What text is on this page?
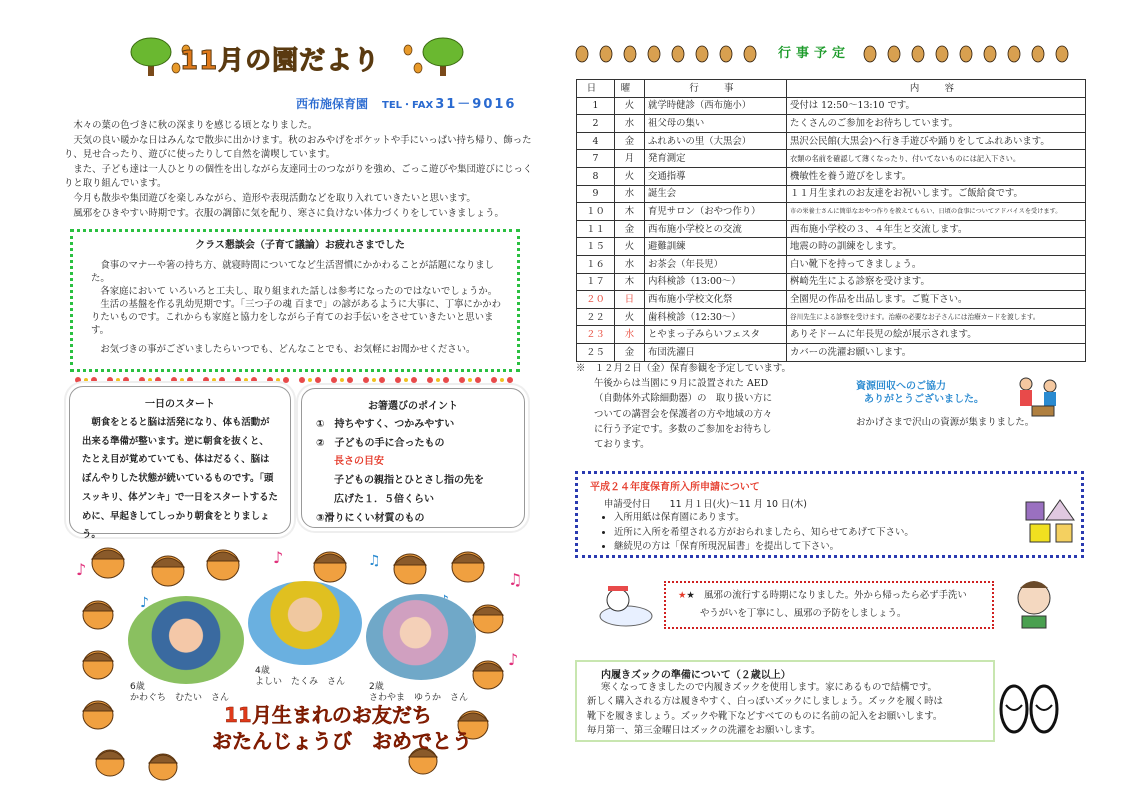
11月の園だより
西布施保育園 TEL・FAX 31－9016

木々の葉の色づきに秋の深まりを感じる頃となりました。

天気の良い暖かな日はみんなで散歩に出かけます。秋のおみやげをポケットや手にいっぱい持ち帰り、飾ったり、見せ合ったり、遊びに使ったりして自然を満喫しています。

また、子ども達は一人ひとりの個性を出しながら友達同士のつながりを強め、ごっこ遊びや集団遊びにじっくりと取り組んでいます。

今月も散歩や集団遊びを楽しみながら、造形や表現活動などを取り入れていきたいと思います。

風邪をひきやすい時期です。衣服の調節に気を配り、寒さに負けない体力づくりをしていきましょう。

クラス懇談会（子育て議論）お疲れさまでした

食事のマナーや箸の持ち方、就寝時間についてなど生活習慣にかかわることが話題になりました。

各家庭において いろいろと工夫し、取り組まれた話しは参考になったのではないでしょうか。

生活の基盤を作る乳幼児期です。「三つ子の魂 百まで」の諺があるように大事に、丁寧にかかわりたいものです。これからも家庭と協力をしながら子育てのお手伝いをさせていきたいと思います。

お気づきの事がございましたらいつでも、どんなことでも、お気軽にお聞かせください。

一日のスタート

朝食をとると脳は活発になり、体も活動が出来る準備が整います。逆に朝食を抜くと、たとえ目が覚めていても、体はだるく、脳はぼんやりした状態が続いているものです。「頭スッキリ、体ゲンキ」で一日をスタートするために、早起きしてしっかり朝食をとりましょう。

お箸選びのポイント
①　持ちやすく、つかみやすい
②　子どもの手に合ったもの
長さの目安
子どもの親指とひとさし指の先を
広げた１．５倍くらい
③滑りにくい材質のもの
♪
♪
♫
♪
♪
♫
6歳
かわぐち　むたい　さん
4歳
よしい　たくみ　さん	2歳
さわやま　ゆうか　さん
11月生まれのお友だち
おたんじょうび　おめでとう
行事予定
日	曜	行　事	内　容
1	火	就学時健診（西布施小）	受付は 12:50～13:10 です。
2	水	祖父母の集い	たくさんのご参加をお待ちしています。
4	金	ふれあいの里（大黒会）	黒沢公民館(大黒会)へ行き手遊びや踊りをしてふれあいます。
7	月	発育測定	衣類の名前を確認して薄くなったり、付いてないものには記入下さい。
8	火	交通指導	機敏性を養う遊びをします。
9	水	誕生会	１１月生まれのお友達をお祝いします。ご飯給食です。
１０	木	育児サロン（おやつ作り）	市の栄養士さんに簡単なおやつ作りを教えてもらい、日頃の食事についてアドバイスを受けます。
１１	金	西布施小学校との交流	西布施小学校の３、４年生と交流します。
１５	火	避難訓練	地震の時の訓練をします。
１６	水	お茶会（年長児）	白い靴下を持ってきましょう。
１７	木	内科検診（13:00～）	桝崎先生による診察を受けます。
２０	日	西布施小学校文化祭	全園児の作品を出品します。ご覧下さい。
２２	火	歯科検診（12:30～）	谷川先生による診察を受けます。治療の必要なお子さんには治療カードを渡します。
２３	水	とやまっ子みらいフェスタ	ありそドームに年長児の絵が展示されます。
２５	金	布団洗濯日	カバーの洗濯お願いします。

※　１２月２日（金）保育参観を予定しています。

午後からは当園に９月に設置された AED

（自動体外式除細動器）の　取り扱い方に

ついての講習会を保護者の方や地域の方々

に行う予定です。多数のご参加をお待ちし

ております。

資源回収へのご協力
ありがとうございました。
おかげさまで沢山の資源が集まりました。
平成２４年度保育所入所申請について
申請受付日　　11 月１日(火)～11 月 10 日(木)
• 入所用紙は保育園にあります。
• 近所に入所を希望される方がおられましたら、知らせてあげて下さい。
• 継続児の方は「保育所現況届書」を提出して下さい。
★★　風邪の流行する時期になりました。外から帰ったら必ず手洗い
やうがいを丁寧にし、風邪の予防をしましょう。
内履きズックの準備について（２歳以上）
寒くなってきましたので内履きズックを使用します。家にあるもので結構です。
新しく購入される方は履きやすく、白っぽいズックにしましょう。ズックを履く時は
靴下を履きましょう。ズックや靴下などすべてのものに名前の記入をお願いします。
毎月第一、第三金曜日はズックの洗濯をお願いします。
